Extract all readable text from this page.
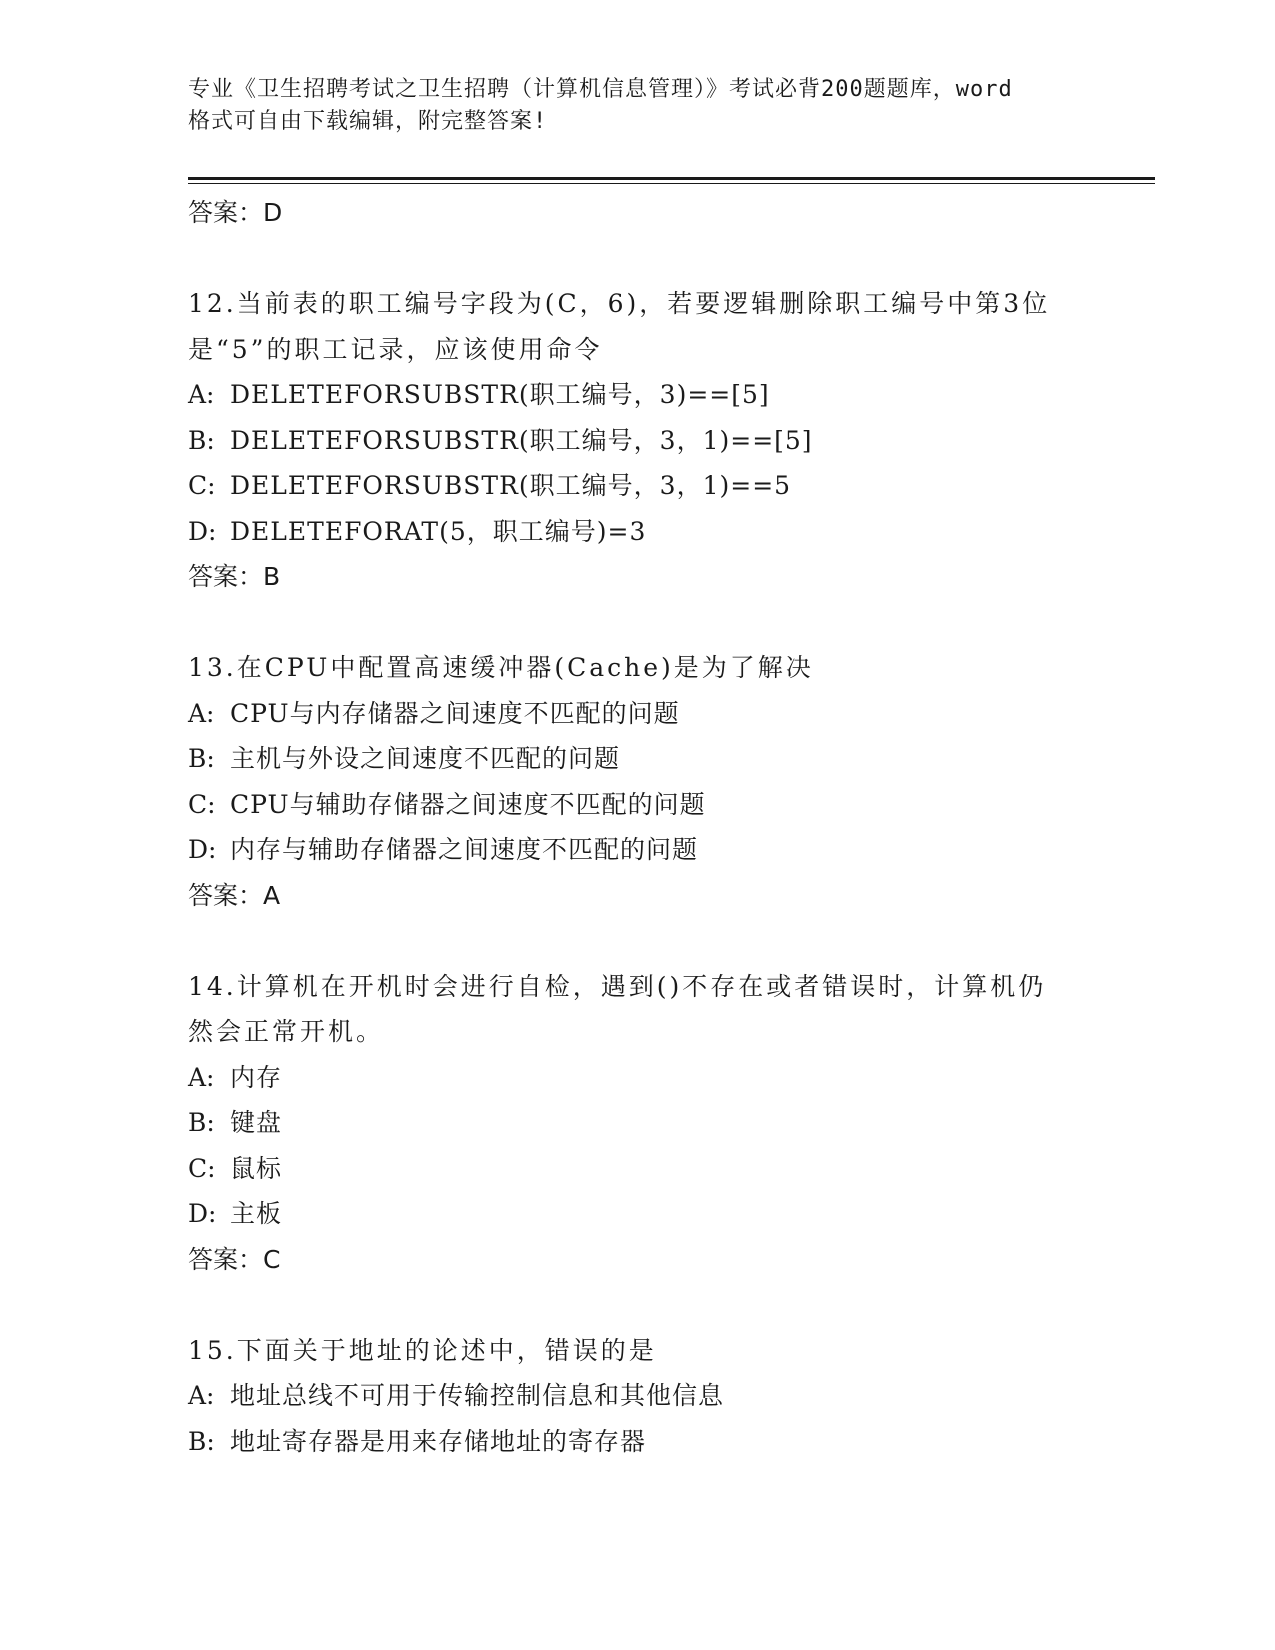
专业《卫生招聘考试之卫生招聘（计算机信息管理）》考试必背200题题库，word
格式可自由下载编辑，附完整答案!
答案：D
12.当前表的职工编号字段为(C，6)，若要逻辑删除职工编号中第3位
是“5”的职工记录，应该使用命令
A: DELETEFORSUBSTR(职工编号，3)==[5]
B: DELETEFORSUBSTR(职工编号，3，1)==[5]
C: DELETEFORSUBSTR(职工编号，3，1)==5
D: DELETEFORAT(5，职工编号)=3
答案：B
13.在CPU中配置高速缓冲器(Cache)是为了解决
A: CPU与内存储器之间速度不匹配的问题
B: 主机与外设之间速度不匹配的问题
C: CPU与辅助存储器之间速度不匹配的问题
D: 内存与辅助存储器之间速度不匹配的问题
答案：A
14.计算机在开机时会进行自检，遇到()不存在或者错误时，计算机仍
然会正常开机。
A: 内存
B: 键盘
C: 鼠标
D: 主板
答案：C
15.下面关于地址的论述中，错误的是
A: 地址总线不可用于传输控制信息和其他信息
B: 地址寄存器是用来存储地址的寄存器
